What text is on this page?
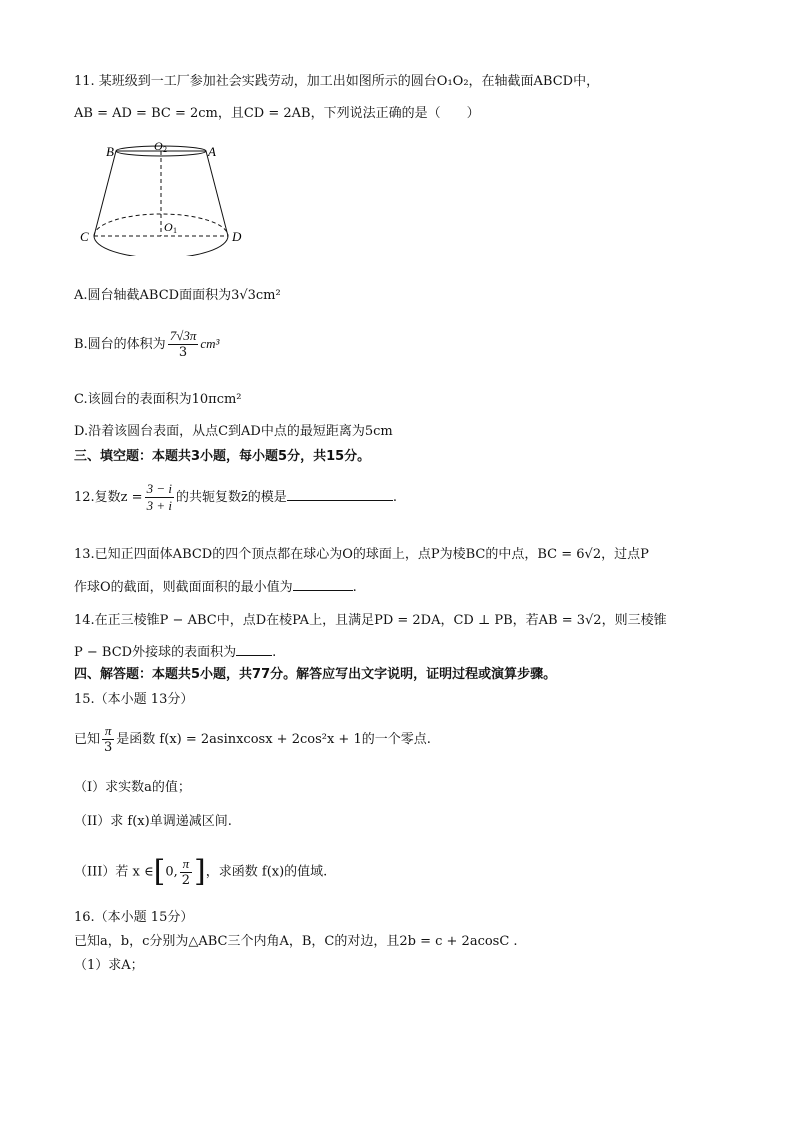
11. 某班级到一工厂参加社会实践劳动，加工出如图所示的圆台O₁O₂，在轴截面ABCD中，
AB = AD = BC = 2cm，且CD = 2AB，下列说法正确的是（　　）
B	A
C	D
O 2
O 1
A.圆台轴截ABCD面面积为3√3cm²
B.圆台的体积为 $\frac{7√3\pi}{3} cm^3$
C.该圆台的表面积为10πcm²
D.沿着该圆台表面，从点C到AD中点的最短距离为5cm
三、填空题：本题共3小题，每小题5分，共15分。
12.复数$z = \frac{3 - i}{3 + i}$ 的共轭复数z̄的模是	.
13.已知正四面体ABCD的四个顶点都在球心为O的球面上，点P为棱BC的中点，BC = 6√2，过点P
作球O的截面，则截面面积的最小值为	.
14.在正三棱锥P − ABC中，点D在棱PA上，且满足PD = 2DA，CD ⊥ PB，若AB = 3√2，则三棱锥
P − BCD外接球的表面积为	.
四、解答题：本题共5小题，共77分。解答应写出文字说明，证明过程或演算步骤。
15.（本小题 13分）
已知 $\frac{\pi}{3}$ 是函数 f(x) = 2asinxcosx + 2cos²x + 1的一个零点.
（I）求实数a的值；
（II）求 f(x)单调递减区间.
（III）若 x ∈[0, $\frac{\pi}{2}$ ]，求函数 f(x)的值域.
16.（本小题 15分）
已知a，b，c分别为△ABC三个内角A，B，C的对边，且2b = c + 2acosC .
（1）求A；
